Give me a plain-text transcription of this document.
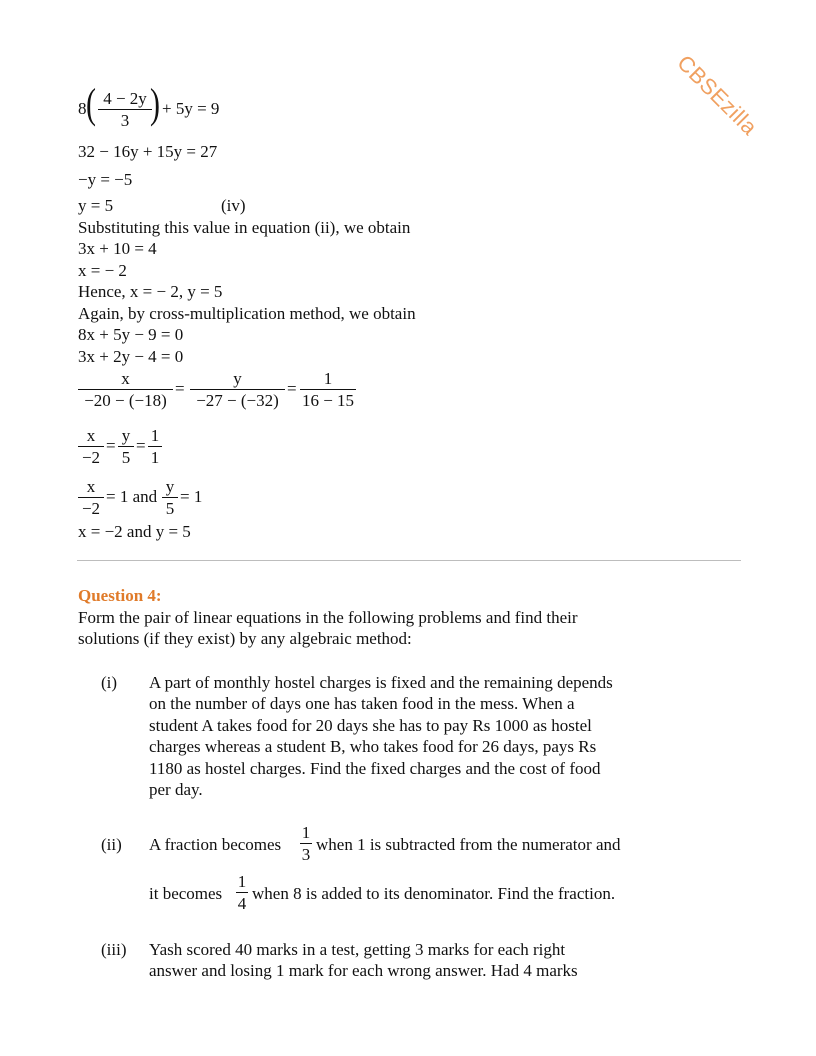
CBSEzilla
8 ( 4 − 2y
3 ) + 5y = 9
32 − 16y + 15y = 27
−y = −5
y = 5	(iv)
Substituting this value in equation (ii), we obtain
3x + 10 = 4
x = − 2
Hence, x = − 2, y = 5
Again, by cross-multiplication method, we obtain
8x + 5y − 9 = 0
3x + 2y − 4 = 0
x
−20 − (−18)
=
y
−27 − (−32)
=
1
16 − 15
x
−2
=
y
5
=
1
1
x
−2
= 1 and
y
5
= 1
x = −2 and y = 5
Question 4:
Form the pair of linear equations in the following problems and find their
solutions (if they exist) by any algebraic method:
(i) A part of monthly hostel charges is fixed and the remaining depends
on the number of days one has taken food in the mess. When a
student A takes food for 20 days she has to pay Rs 1000 as hostel
charges whereas a student B, who takes food for 26 days, pays Rs
1180 as hostel charges. Find the fixed charges and the cost of food
per day.
(ii) A fraction becomes
1
3
when 1 is subtracted from the numerator and
it becomes
1
4
when 8 is added to its denominator. Find the fraction.
(iii) Yash scored 40 marks in a test, getting 3 marks for each right
answer and losing 1 mark for each wrong answer. Had 4 marks
